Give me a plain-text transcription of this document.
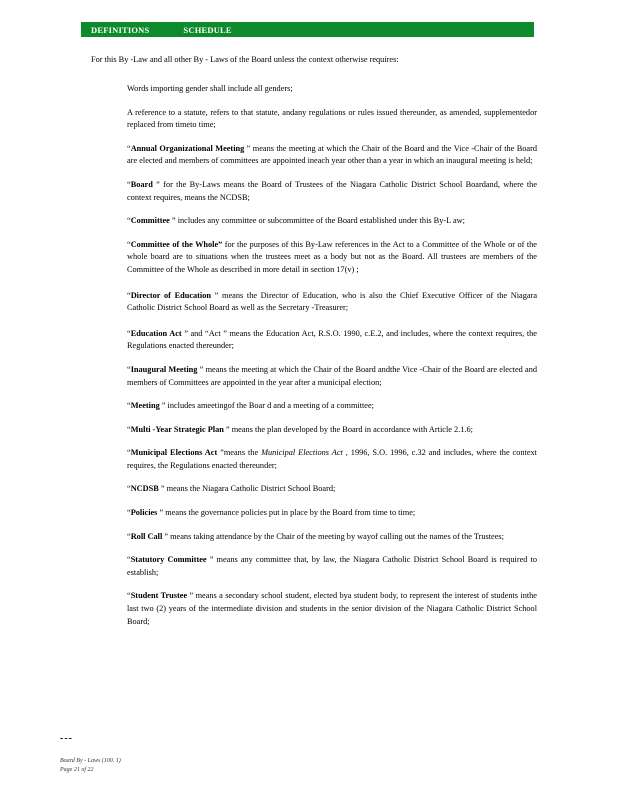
DEFINITIONS	SCHEDULE
For this By -Law and all other By - Laws of the Board unless the context otherwise requires:

Words importing gender shall include all genders;

A reference to a statute, refers to that statute, andany regulations or rules issued thereunder, as amended, supplementedor replaced from timeto time;

“Annual Organizational Meeting ” means the meeting at which the Chair of the Board and the Vice -Chair of the Board are elected and members of committees are appointed ineach year other than a year in which an inaugural meeting is held;

“Board ” for the By-Laws means the Board of Trustees of the Niagara Catholic District School Boardand, where the context requires, means the NCDSB;

“Committee ” includes any committee or subcommittee of the Board established under this By-L aw;

“Committee of the Whole” for the purposes of this By-Law references in the Act to a Committee of the Whole or of the whole board are to situations when the trustees meet as a body but not as the Board. All trustees are members of the Committee of the Whole as described in more detail in section 17(v) ;

“Director of Education ” means the Director of Education, who is also the Chief Executive Officer of the Niagara Catholic District School Board as well as the Secretary -Treasurer;

“Education Act ” and “Act ” means the Education Act, R.S.O. 1990, c.E.2, and includes, where the context requires, the Regulations enacted thereunder;

“Inaugural Meeting ” means the meeting at which the Chair of the Board andthe Vice -Chair of the Board are elected and members of Committees are appointed in the year after a municipal election;

“Meeting ” includes ameetingof the Boar d and a meeting of a committee;

“Multi -Year Strategic Plan ” means the plan developed by the Board in accordance with Article 2.1.6;

“Municipal Elections Act ”means the Municipal Elections Act , 1996, S.O. 1996, c.32 and includes, where the context requires, the Regulations enacted thereunder;

“NCDSB ” means the Niagara Catholic District School Board;

“Policies ” means the governance policies put in place by the Board from time to time;

“Roll Call ” means taking attendance by the Chair of the meeting by wayof calling out the names of the Trustees;

“Statutory Committee ” means any committee that, by law, the Niagara Catholic District School Board is required to establish;

“Student Trustee ” means a secondary school student, elected bya student body, to represent the interest of students inthe last two (2) years of the intermediate division and students in the senior division of the Niagara Catholic District School Board;

---
Board By - Laws (100. 1)
Page 21 of 22
